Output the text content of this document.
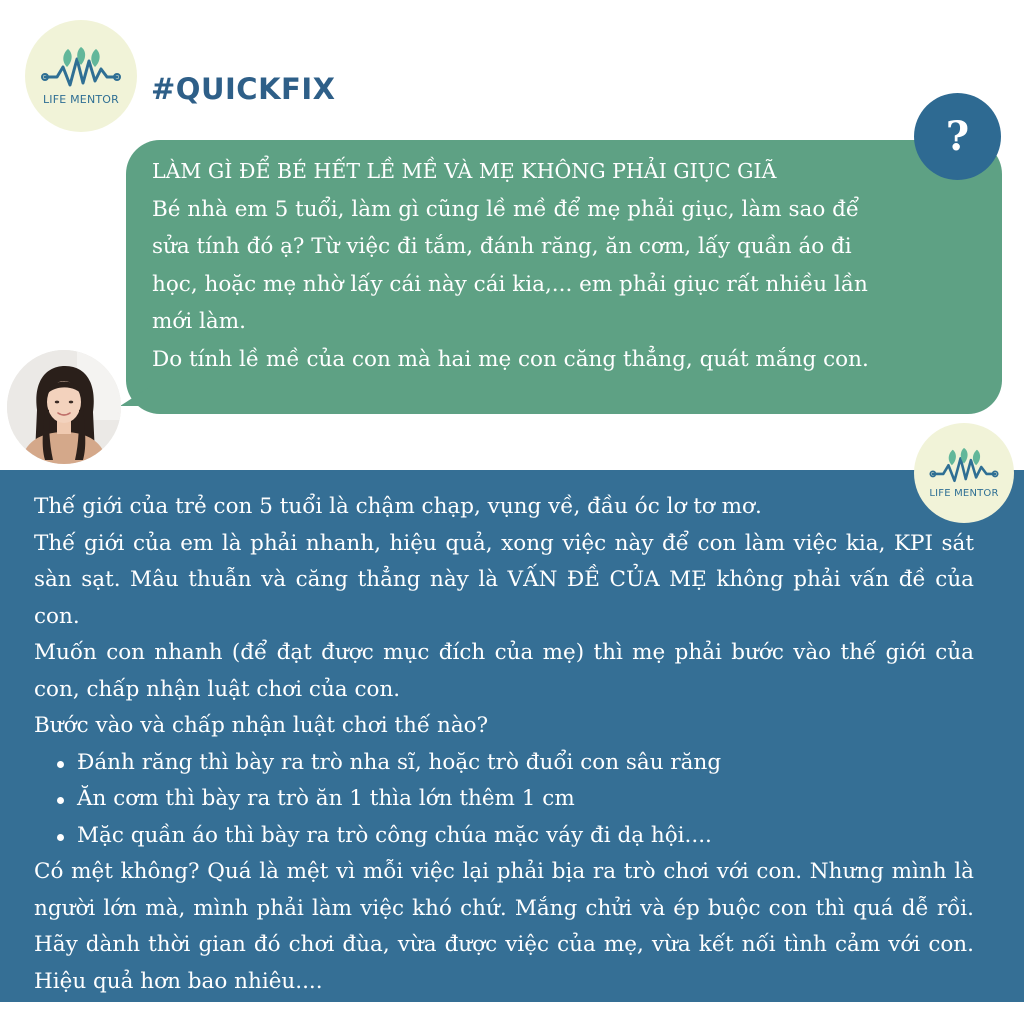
LIFE MENTOR #QUICKFIX
LÀM GÌ ĐỂ BÉ HẾT LỀ MỀ VÀ MẸ KHÔNG PHẢI GIỤC GIÃ
Bé nhà em 5 tuổi, làm gì cũng lề mề để mẹ phải giục, làm sao để
sửa tính đó ạ? Từ việc đi tắm, đánh răng, ăn cơm, lấy quần áo đi
học, hoặc mẹ nhờ lấy cái này cái kia,... em phải giục rất nhiều lần
mới làm.
Do tính lề mề của con mà hai mẹ con căng thẳng, quát mắng con.
?
LIFE MENTOR

Thế giới của trẻ con 5 tuổi là chậm chạp, vụng về, đầu óc lơ tơ mơ.

Thế giới của em là phải nhanh, hiệu quả, xong việc này để con làm việc kia, KPI sát sàn sạt. Mâu thuẫn và căng thẳng này là VẤN ĐỀ CỦA MẸ không phải vấn đề của con.

Muốn con nhanh (để đạt được mục đích của mẹ) thì mẹ phải bước vào thế giới của con, chấp nhận luật chơi của con.

Bước vào và chấp nhận luật chơi thế nào?

Đánh răng thì bày ra trò nha sĩ, hoặc trò đuổi con sâu răng
Ăn cơm thì bày ra trò ăn 1 thìa lớn thêm 1 cm
Mặc quần áo thì bày ra trò công chúa mặc váy đi dạ hội....

Có mệt không? Quá là mệt vì mỗi việc lại phải bịa ra trò chơi với con. Nhưng mình là người lớn mà, mình phải làm việc khó chứ. Mắng chửi và ép buộc con thì quá dễ rồi. Hãy dành thời gian đó chơi đùa, vừa được việc của mẹ, vừa kết nối tình cảm với con. Hiệu quả hơn bao nhiêu....
